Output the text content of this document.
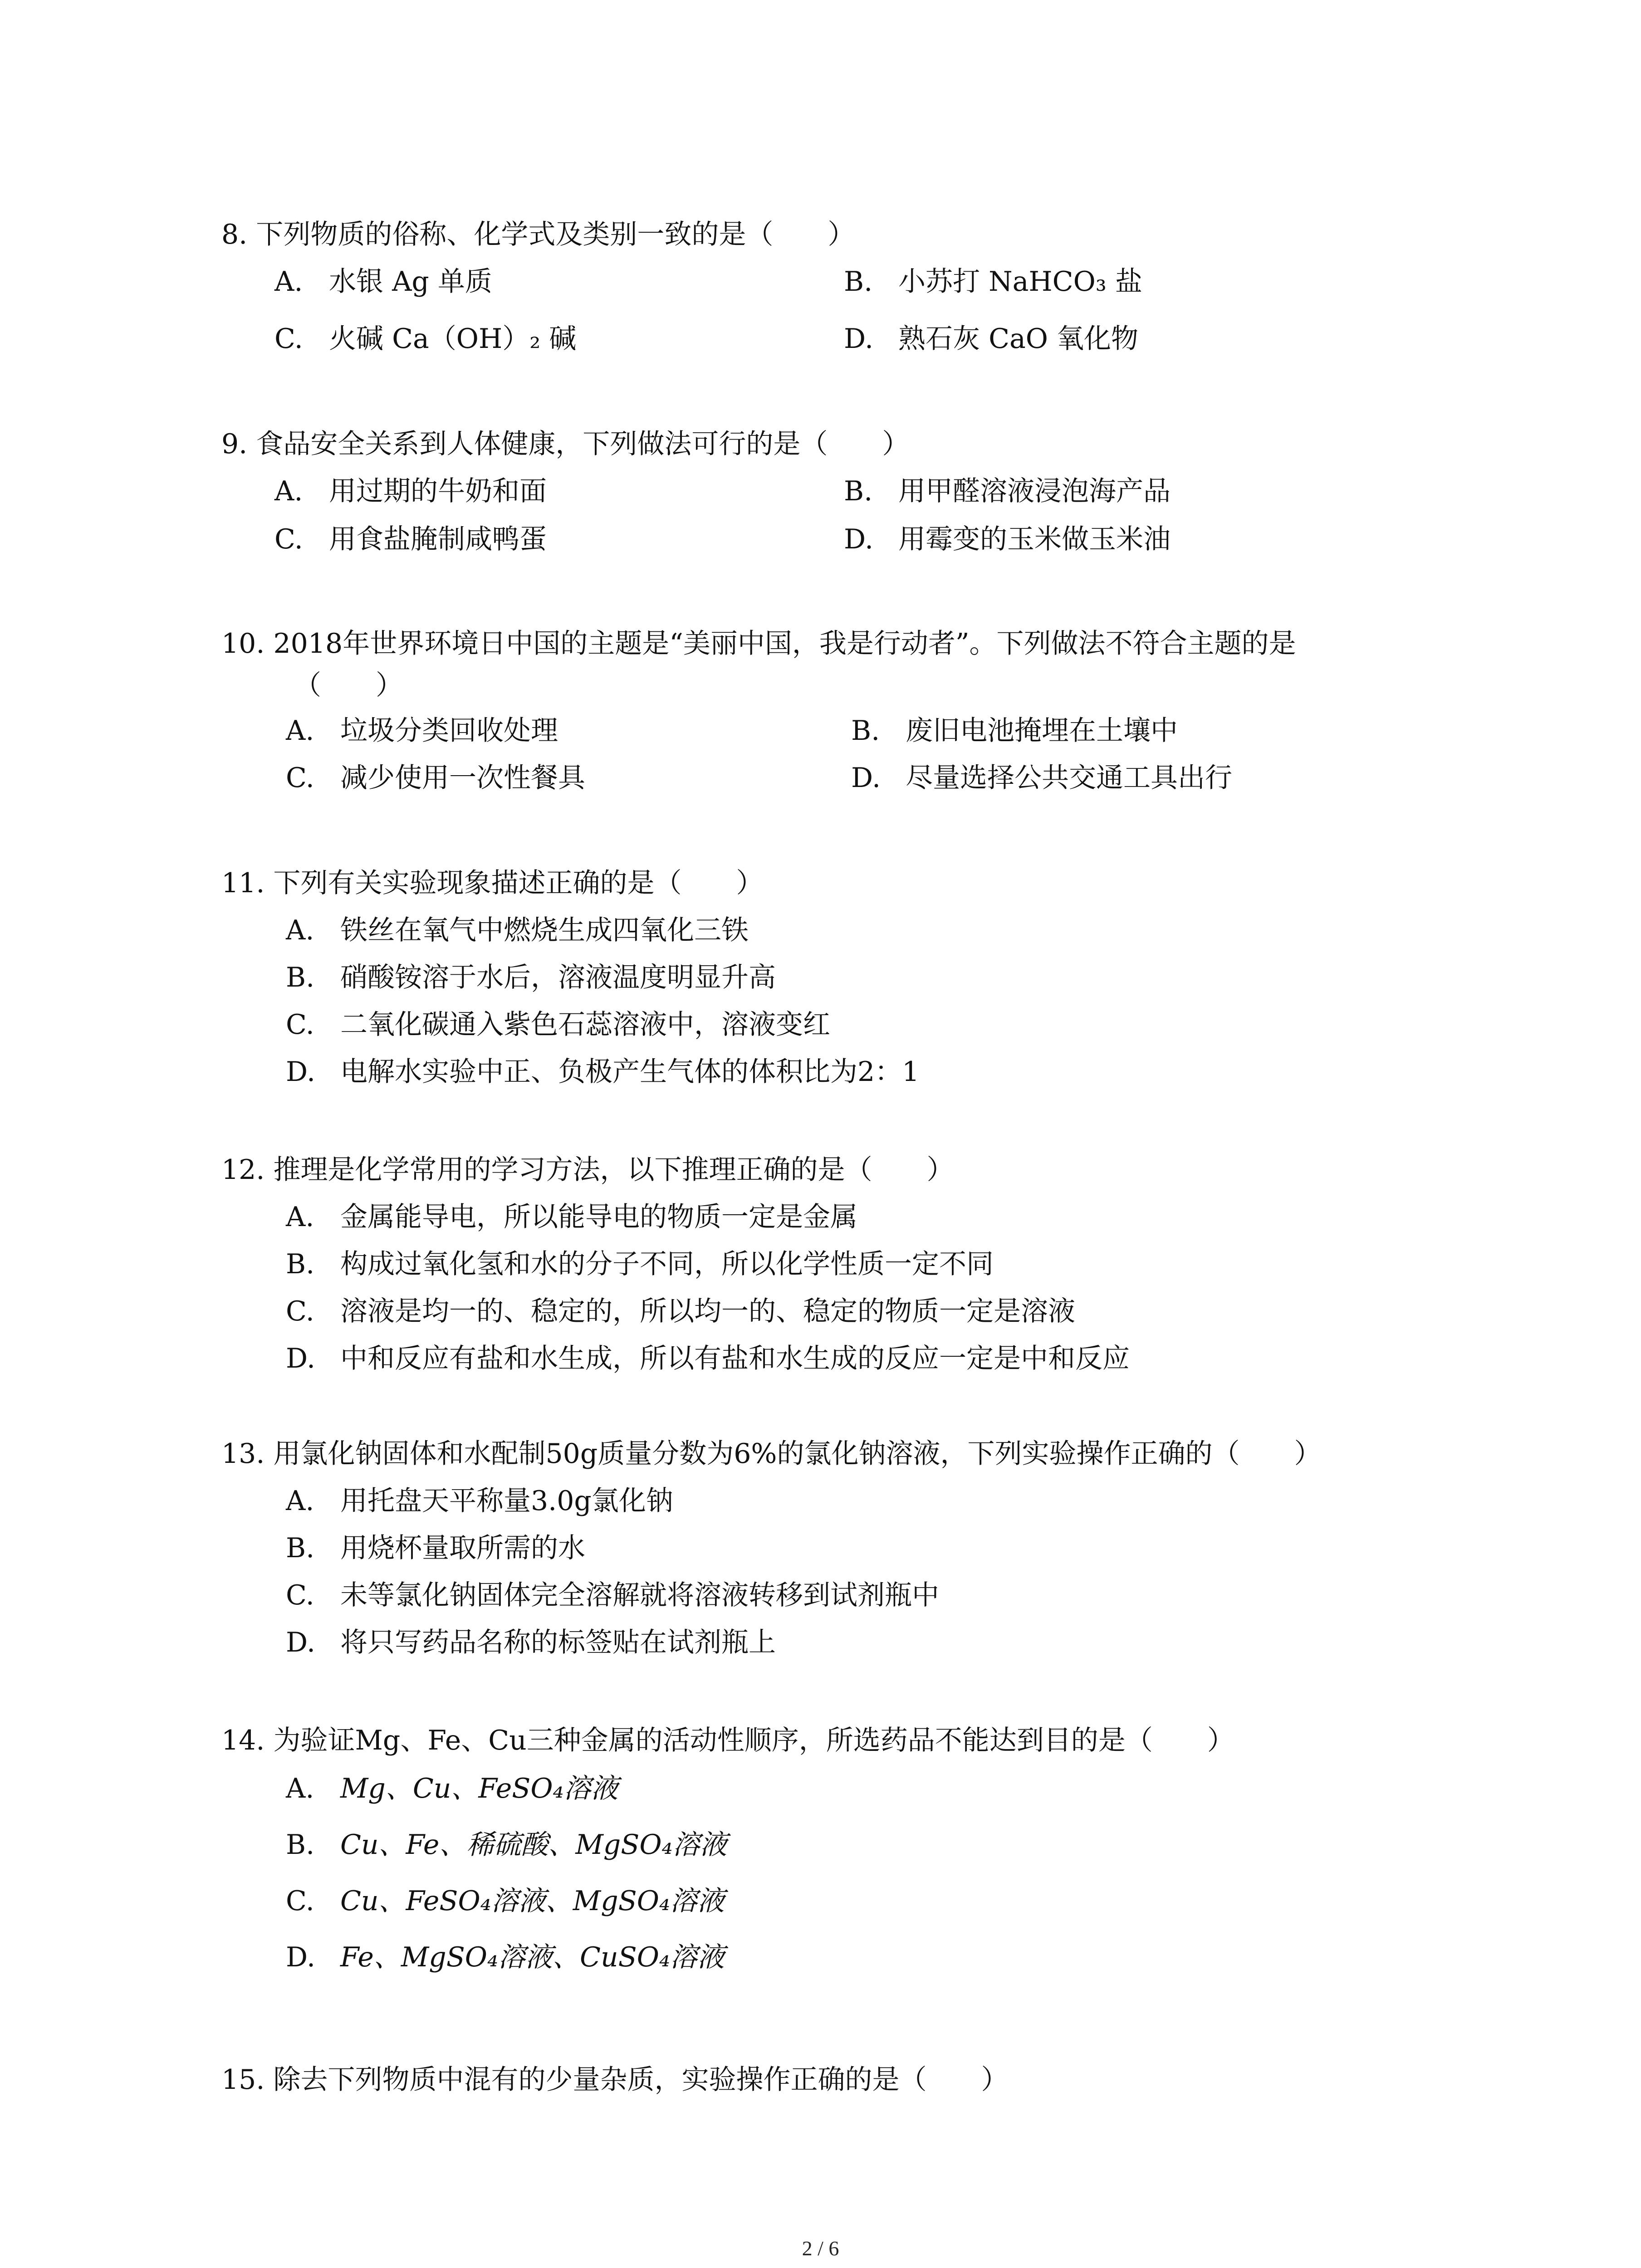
8. 下列物质的俗称、化学式及类别一致的是（　　）
A. 水银 Ag 单质	B. 小苏打 NaHCO₃ 盐
C. 火碱 Ca（OH）₂ 碱	D. 熟石灰 CaO 氧化物
9. 食品安全关系到人体健康，下列做法可行的是（　　）
A. 用过期的牛奶和面	B. 用甲醛溶液浸泡海产品
C. 用食盐腌制咸鸭蛋	D. 用霉变的玉米做玉米油
10. 2018年世界环境日中国的主题是“美丽中国，我是行动者”。下列做法不符合主题的是
（　　）
A. 垃圾分类回收处理	B. 废旧电池掩埋在土壤中
C. 减少使用一次性餐具	D. 尽量选择公共交通工具出行
11. 下列有关实验现象描述正确的是（　　）
A. 铁丝在氧气中燃烧生成四氧化三铁
B. 硝酸铵溶于水后，溶液温度明显升高
C. 二氧化碳通入紫色石蕊溶液中，溶液变红
D. 电解水实验中正、负极产生气体的体积比为2：1
12. 推理是化学常用的学习方法，以下推理正确的是（　　）
A. 金属能导电，所以能导电的物质一定是金属
B. 构成过氧化氢和水的分子不同，所以化学性质一定不同
C. 溶液是均一的、稳定的，所以均一的、稳定的物质一定是溶液
D. 中和反应有盐和水生成，所以有盐和水生成的反应一定是中和反应
13. 用氯化钠固体和水配制50g质量分数为6%的氯化钠溶液，下列实验操作正确的（　　）
A. 用托盘天平称量3.0g氯化钠
B. 用烧杯量取所需的水
C. 未等氯化钠固体完全溶解就将溶液转移到试剂瓶中
D. 将只写药品名称的标签贴在试剂瓶上
14. 为验证Mg、Fe、Cu三种金属的活动性顺序，所选药品不能达到目的是（　　）
A. Mg、Cu、FeSO₄溶液
B. Cu、Fe、稀硫酸、MgSO₄溶液
C. Cu、FeSO₄溶液、MgSO₄溶液
D. Fe、MgSO₄溶液、CuSO₄溶液
15. 除去下列物质中混有的少量杂质，实验操作正确的是（　　）
2 / 6
